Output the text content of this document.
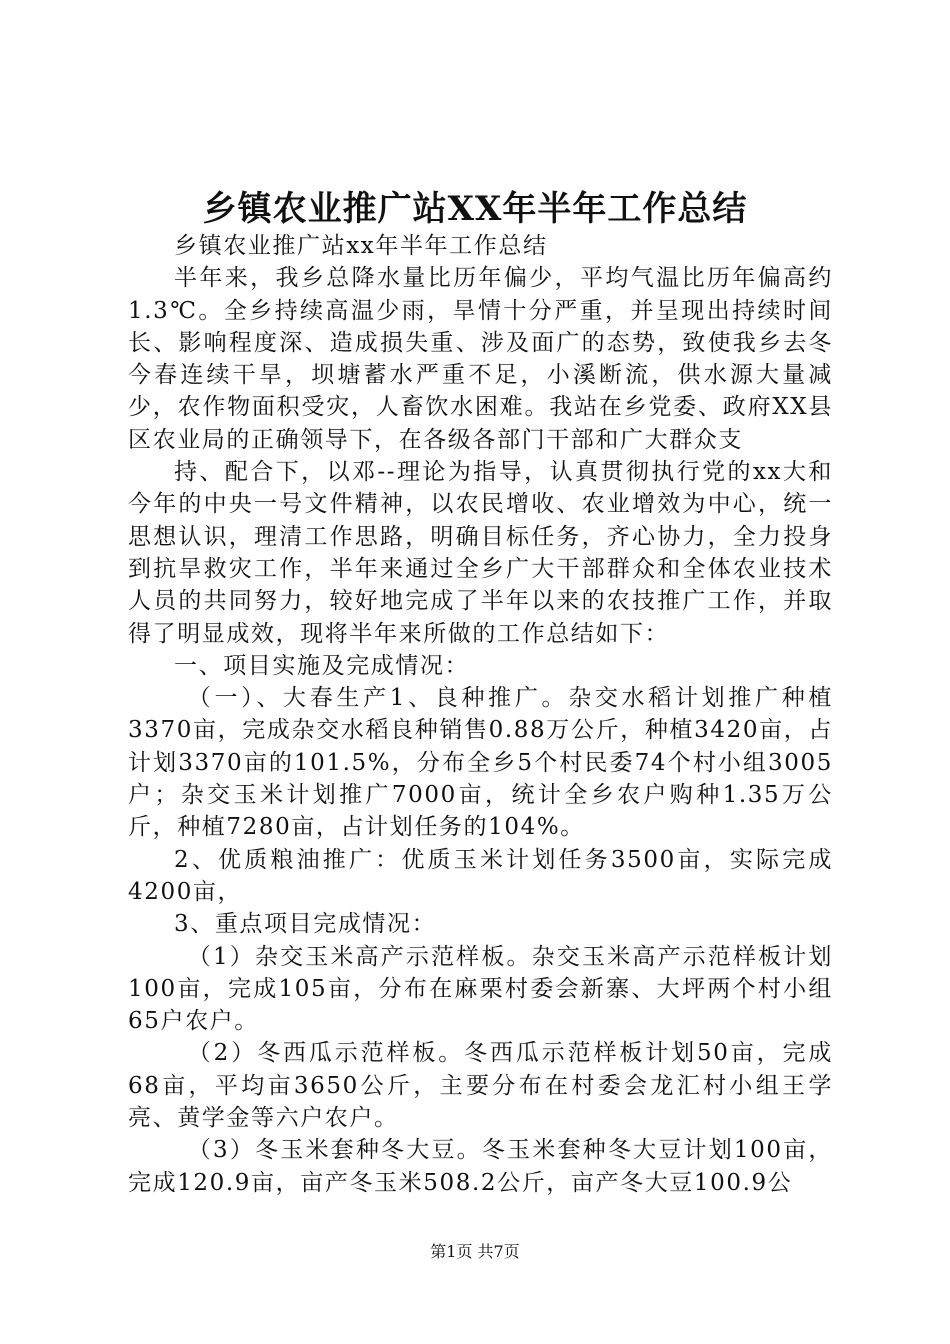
乡镇农业推广站XX年半年工作总结

乡镇农业推广站xx年半年工作总结

半年来，我乡总降水量比历年偏少，平均气温比历年偏高约1.3℃。全乡持续高温少雨，旱情十分严重，并呈现出持续时间长、影响程度深、造成损失重、涉及面广的态势，致使我乡去冬今春连续干旱，坝塘蓄水严重不足，小溪断流，供水源大量减少，农作物面积受灾，人畜饮水困难。我站在乡党委、政府XX县区农业局的正确领导下，在各级各部门干部和广大群众支

持、配合下，以邓--理论为指导，认真贯彻执行党的xx大和今年的中央一号文件精神，以农民增收、农业增效为中心，统一思想认识，理清工作思路，明确目标任务，齐心协力，全力投身到抗旱救灾工作，半年来通过全乡广大干部群众和全体农业技术人员的共同努力，较好地完成了半年以来的农技推广工作，并取得了明显成效，现将半年来所做的工作总结如下：

一、项目实施及完成情况：

（一）、大春生产1、良种推广。杂交水稻计划推广种植3370亩，完成杂交水稻良种销售0.88万公斤，种植3420亩，占计划3370亩的101.5%，分布全乡5个村民委74个村小组3005户；杂交玉米计划推广7000亩，统计全乡农户购种1.35万公斤，种植7280亩，占计划任务的104%。

2、优质粮油推广：优质玉米计划任务3500亩，实际完成4200亩，

3、重点项目完成情况：

（1）杂交玉米高产示范样板。杂交玉米高产示范样板计划100亩，完成105亩，分布在麻栗村委会新寨、大坪两个村小组65户农户。

（2）冬西瓜示范样板。冬西瓜示范样板计划50亩，完成68亩，平均亩3650公斤，主要分布在村委会龙汇村小组王学亮、黄学金等六户农户。

（3）冬玉米套种冬大豆。冬玉米套种冬大豆计划100亩，完成120.9亩，亩产冬玉米508.2公斤，亩产冬大豆100.9公

第1页 共7页
